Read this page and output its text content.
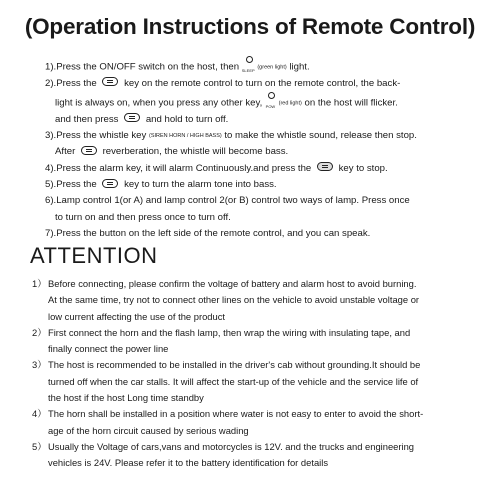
(Operation Instructions of Remote Control)
1).Press the ON/OFF switch on the host, then SLEEP (green light) light.
2).Press the	key on the remote control to turn on the remote control, the back-
light is always on, when you press any other key, POW (red light) on the host will flicker.
and then press	and hold to turn off.
3).Press the whistle key (SIREN HORN / HIGH BASS) to make the whistle sound, release then stop.
After	reverberation, the whistle will become bass.
4).Press the alarm key, it will alarm Continuously.and press the	key to stop.
5).Press the	key to turn the alarm tone into bass.
6).Lamp control 1(or A) and lamp control 2(or B) control two ways of lamp. Press once
to turn on and then press once to turn off.
7).Press the button on the left side of the remote control, and you can speak.
ATTENTION
1） Before connecting, please confirm the voltage of battery and alarm host to avoid burning.
At the same time, try not to connect other lines on the vehicle to avoid unstable voltage or
low current affecting the use of the product
2） First connect the horn and the flash lamp, then wrap the wiring with insulating tape, and
finally connect the power line
3） The host is recommended to be installed in the driver's cab without grounding.It should be
turned off when the car stalls. It will affect the start-up of the vehicle and the service life of
the host if the host Long time standby
4） The horn shall be installed in a position where water is not easy to enter to avoid the short-
age of the horn circuit caused by serious wading
5） Usually the Voltage of cars,vans and motorcycles is 12V. and the trucks and engineering
vehicles is 24V. Please refer it to the battery identification for details
